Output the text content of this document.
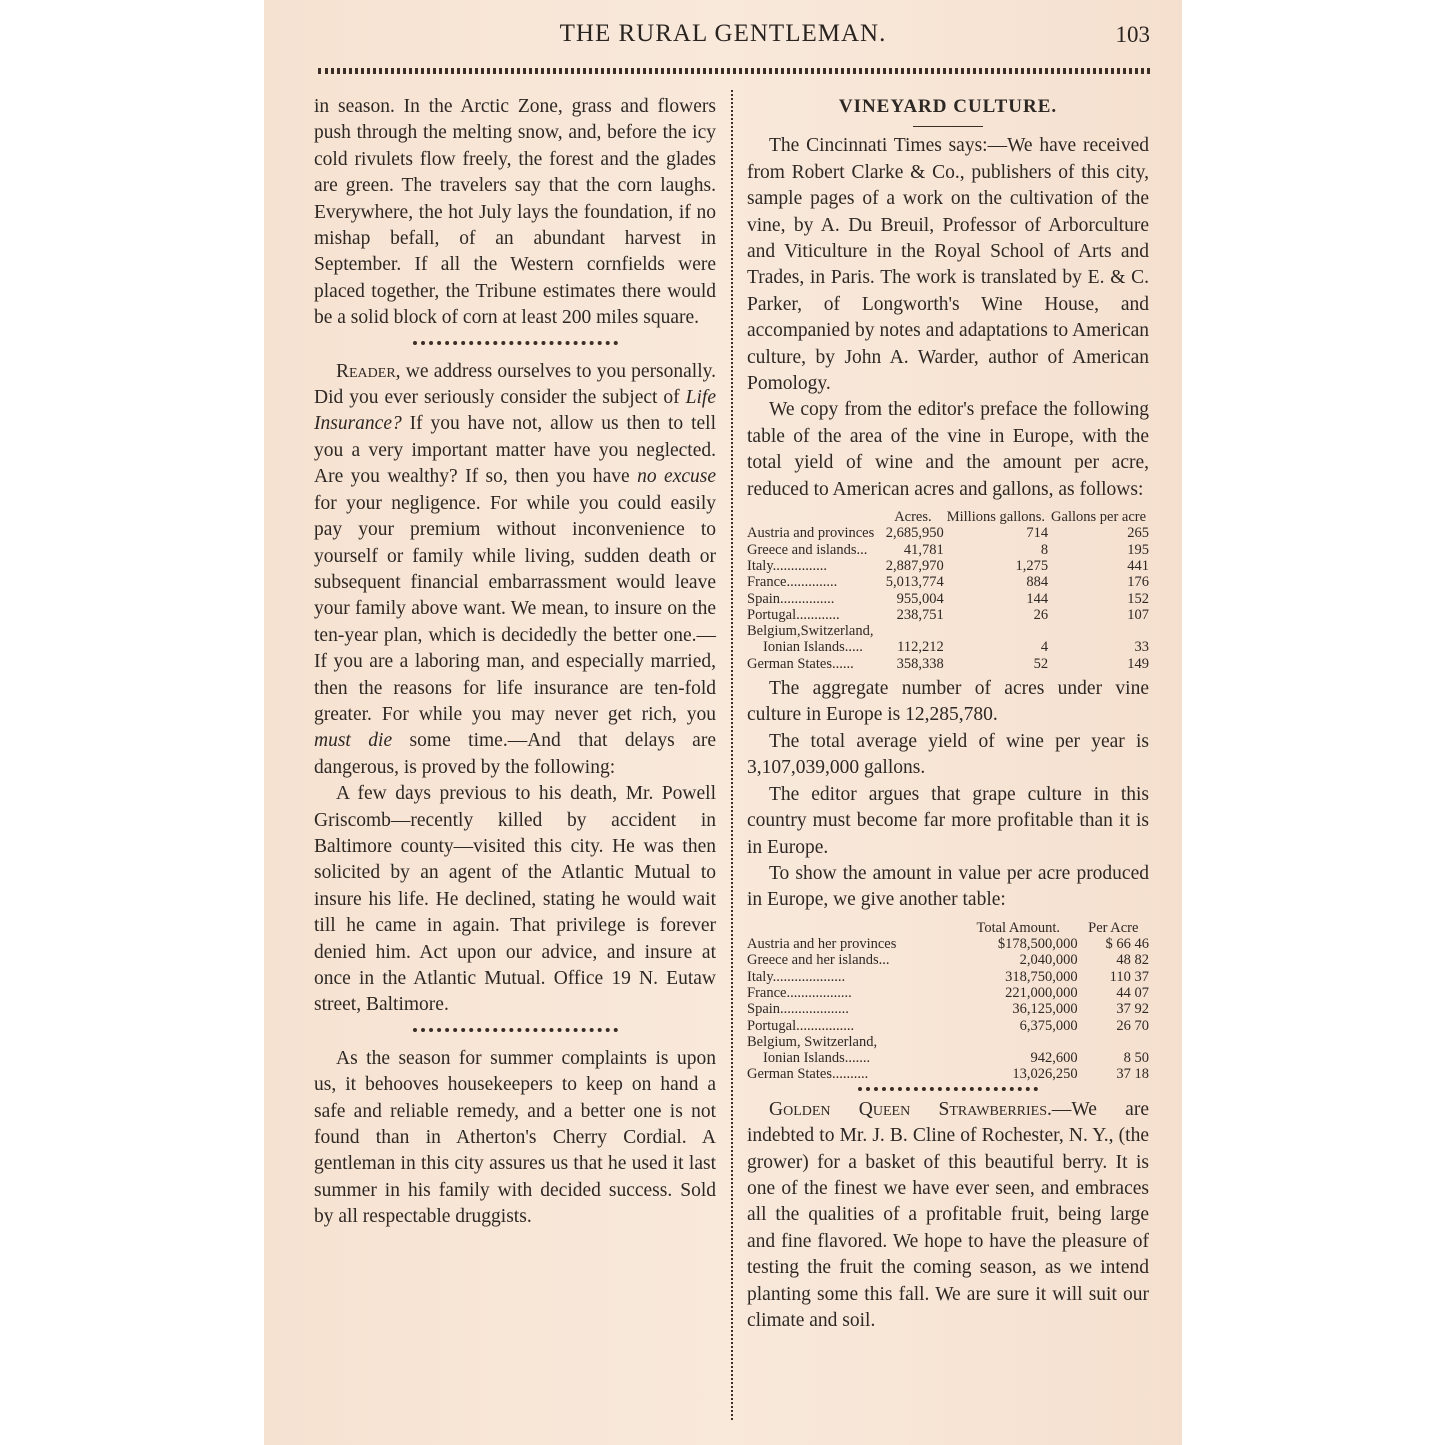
THE RURAL GENTLEMAN.	103

in season. In the Arctic Zone, grass and flowers push through the melting snow, and, before the icy cold rivulets flow freely, the forest and the glades are green. The travelers say that the corn laughs. Everywhere, the hot July lays the foundation, if no mishap befall, of an abundant harvest in September. If all the Western cornfields were placed together, the Tribune estimates there would be a solid block of corn at least 200 miles square.

Reader, we address ourselves to you personally. Did you ever seriously consider the subject of Life Insurance? If you have not, allow us then to tell you a very important matter have you neglected. Are you wealthy? If so, then you have no excuse for your negligence. For while you could easily pay your premium without inconvenience to yourself or family while living, sudden death or subsequent financial embarrassment would leave your family above want. We mean, to insure on the ten-year plan, which is decidedly the better one.—If you are a laboring man, and especially married, then the reasons for life insurance are ten-fold greater. For while you may never get rich, you must die some time.—And that delays are dangerous, is proved by the following:

A few days previous to his death, Mr. Powell Griscomb—recently killed by accident in Baltimore county—visited this city. He was then solicited by an agent of the Atlantic Mutual to insure his life. He declined, stating he would wait till he came in again. That privilege is forever denied him. Act upon our advice, and insure at once in the Atlantic Mutual. Office 19 N. Eutaw street, Baltimore.

As the season for summer complaints is upon us, it behooves housekeepers to keep on hand a safe and reliable remedy, and a better one is not found than in Atherton's Cherry Cordial. A gentleman in this city assures us that he used it last summer in his family with decided success. Sold by all respectable druggists.

VINEYARD CULTURE.

The Cincinnati Times says:—We have received from Robert Clarke & Co., publishers of this city, sample pages of a work on the cultivation of the vine, by A. Du Breuil, Professor of Arborculture and Viticulture in the Royal School of Arts and Trades, in Paris. The work is translated by E. & C. Parker, of Longworth's Wine House, and accompanied by notes and adaptations to American culture, by John A. Warder, author of American Pomology.

We copy from the editor's preface the following table of the area of the vine in Europe, with the total yield of wine and the amount per acre, reduced to American acres and gallons, as follows:

	Acres.	Millions gallons.	Gallons per acre
Austria and provinces	2,685,950	714	265
Greece and islands...	41,781	8	195
Italy...............	2,887,970	1,275	441
France..............	5,013,774	884	176
Spain...............	955,004	144	152
Portugal............	238,751	26	107
Belgium,Switzerland,			
Ionian Islands.....	112,212	4	33
German States......	358,338	52	149

The aggregate number of acres under vine culture in Europe is 12,285,780.

The total average yield of wine per year is 3,107,039,000 gallons.

The editor argues that grape culture in this country must become far more profitable than it is in Europe.

To show the amount in value per acre produced in Europe, we give another table:

	Total Amount.	Per Acre
Austria and her provinces	$178,500,000	$ 66 46
Greece and her islands...	2,040,000	48 82
Italy....................	318,750,000	110 37
France..................	221,000,000	44 07
Spain...................	36,125,000	37 92
Portugal................	6,375,000	26 70
Belgium, Switzerland,		
Ionian Islands.......	942,600	8 50
German States..........	13,026,250	37 18

Golden Queen Strawberries.—We are indebted to Mr. J. B. Cline of Rochester, N. Y., (the grower) for a basket of this beautiful berry. It is one of the finest we have ever seen, and embraces all the qualities of a profitable fruit, being large and fine flavored. We hope to have the pleasure of testing the fruit the coming season, as we intend planting some this fall. We are sure it will suit our climate and soil.
